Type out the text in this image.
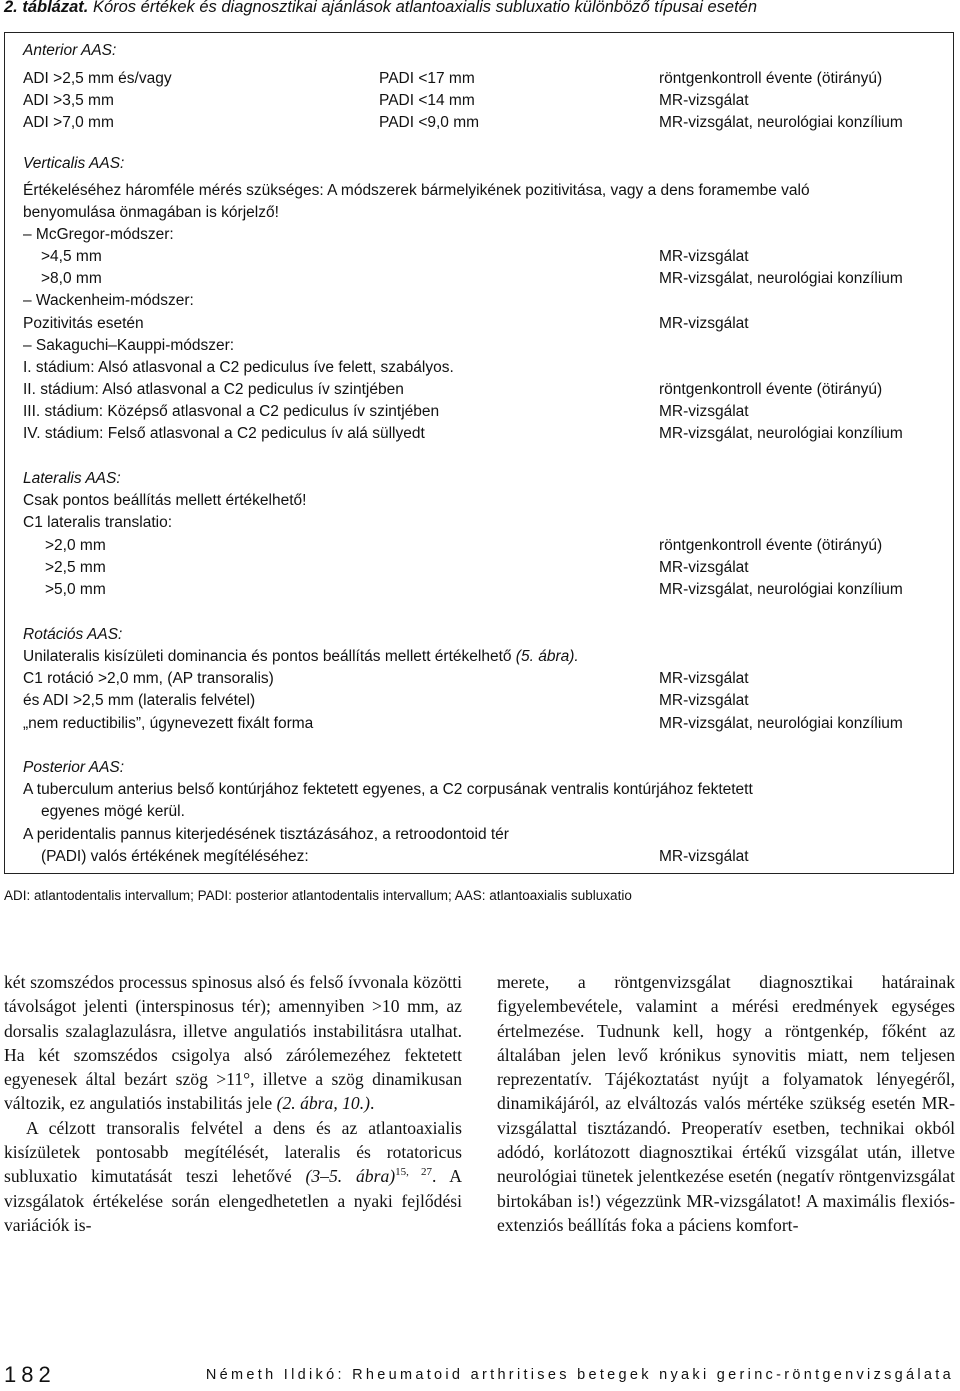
2. táblázat. Kóros értékek és diagnosztikai ajánlások atlantoaxialis subluxatio különböző típusai esetén
Anterior AAS:
ADI >2,5 mm és/vagy	PADI <17 mm	röntgenkontroll évente (ötirányú)
ADI >3,5 mm	PADI <14 mm	MR-vizsgálat
ADI >7,0 mm	PADI <9,0 mm	MR-vizsgálat, neurológiai konzílium
Verticalis AAS:
Értékeléséhez háromféle mérés szükséges: A módszerek bármelyikének pozitivitása, vagy a dens foramembe való
benyomulása önmagában is kórjelző!
– McGregor-módszer:
>4,5 mm	MR-vizsgálat
>8,0 mm	MR-vizsgálat, neurológiai konzílium
– Wackenheim-módszer:
Pozitivitás esetén	MR-vizsgálat
– Sakaguchi–Kauppi-módszer:
I. stádium: Alsó atlasvonal a C2 pediculus íve felett, szabályos.
II. stádium: Alsó atlasvonal a C2 pediculus ív szintjében	röntgenkontroll évente (ötirányú)
III. stádium: Középső atlasvonal a C2 pediculus ív szintjében	MR-vizsgálat
IV. stádium: Felső atlasvonal a C2 pediculus ív alá süllyedt	MR-vizsgálat, neurológiai konzílium
Lateralis AAS:
Csak pontos beállítás mellett értékelhető!
C1 lateralis translatio:
>2,0 mm	röntgenkontroll évente (ötirányú)
>2,5 mm	MR-vizsgálat
>5,0 mm	MR-vizsgálat, neurológiai konzílium
Rotációs AAS:
Unilateralis kisízületi dominancia és pontos beállítás mellett értékelhető (5. ábra).
C1 rotáció >2,0 mm, (AP transoralis)	MR-vizsgálat
és ADI >2,5 mm (lateralis felvétel)	MR-vizsgálat
„nem reductibilis”, úgynevezett fixált forma	MR-vizsgálat, neurológiai konzílium
Posterior AAS:
A tuberculum anterius belső kontúrjához fektetett egyenes, a C2 corpusának ventralis kontúrjához fektetett
egyenes mögé kerül.
A peridentalis pannus kiterjedésének tisztázásához, a retroodontoid tér
(PADI) valós értékének megítéléséhez:	MR-vizsgálat
ADI: atlantodentalis intervallum; PADI: posterior atlantodentalis intervallum; AAS: atlantoaxialis subluxatio

két szomszédos processus spinosus alsó és felső ívvonala közötti távolságot jelenti (interspinosus tér); amennyiben >10 mm, az dorsalis szalaglazulásra, illetve angulatiós instabilitásra utalhat. Ha két szomszédos csigolya alsó zárólemezéhez fektetett egyenesek által bezárt szög >11°, illetve a szög dinamikusan változik, ez angulatiós instabilitás jele (2. ábra, 10.).

A célzott transoralis felvétel a dens és az atlantoaxialis kisízületek pontosabb megítélését, lateralis és rotatoricus subluxatio kimutatását teszi lehetővé (3–5. ábra)$^{15, 27}$. A vizsgálatok értékelése során elengedhetetlen a nyaki fejlődési variációk is-

merete, a röntgenvizsgálat diagnosztikai határainak figyelembevétele, valamint a mérési eredmények egységes értelmezése. Tudnunk kell, hogy a röntgenkép, főként az általában jelen levő krónikus synovitis miatt, nem teljesen reprezentatív. Tájékoztatást nyújt a folyamatok lényegéről, dinamikájáról, az elváltozás valós mértéke szükség esetén MR-vizsgálattal tisztázandó. Preoperatív esetben, technikai okból adódó, korlátozott diagnosztikai értékű vizsgálat után, illetve neurológiai tünetek jelentkezése esetén (negatív röntgenvizsgálat birtokában is!) végezzünk MR-vizsgálatot! A maximális flexiós-extenziós beállítás foka a páciens komfort-

182	Németh Ildikó: Rheumatoid arthritises betegek nyaki gerinc-röntgenvizsgálata
